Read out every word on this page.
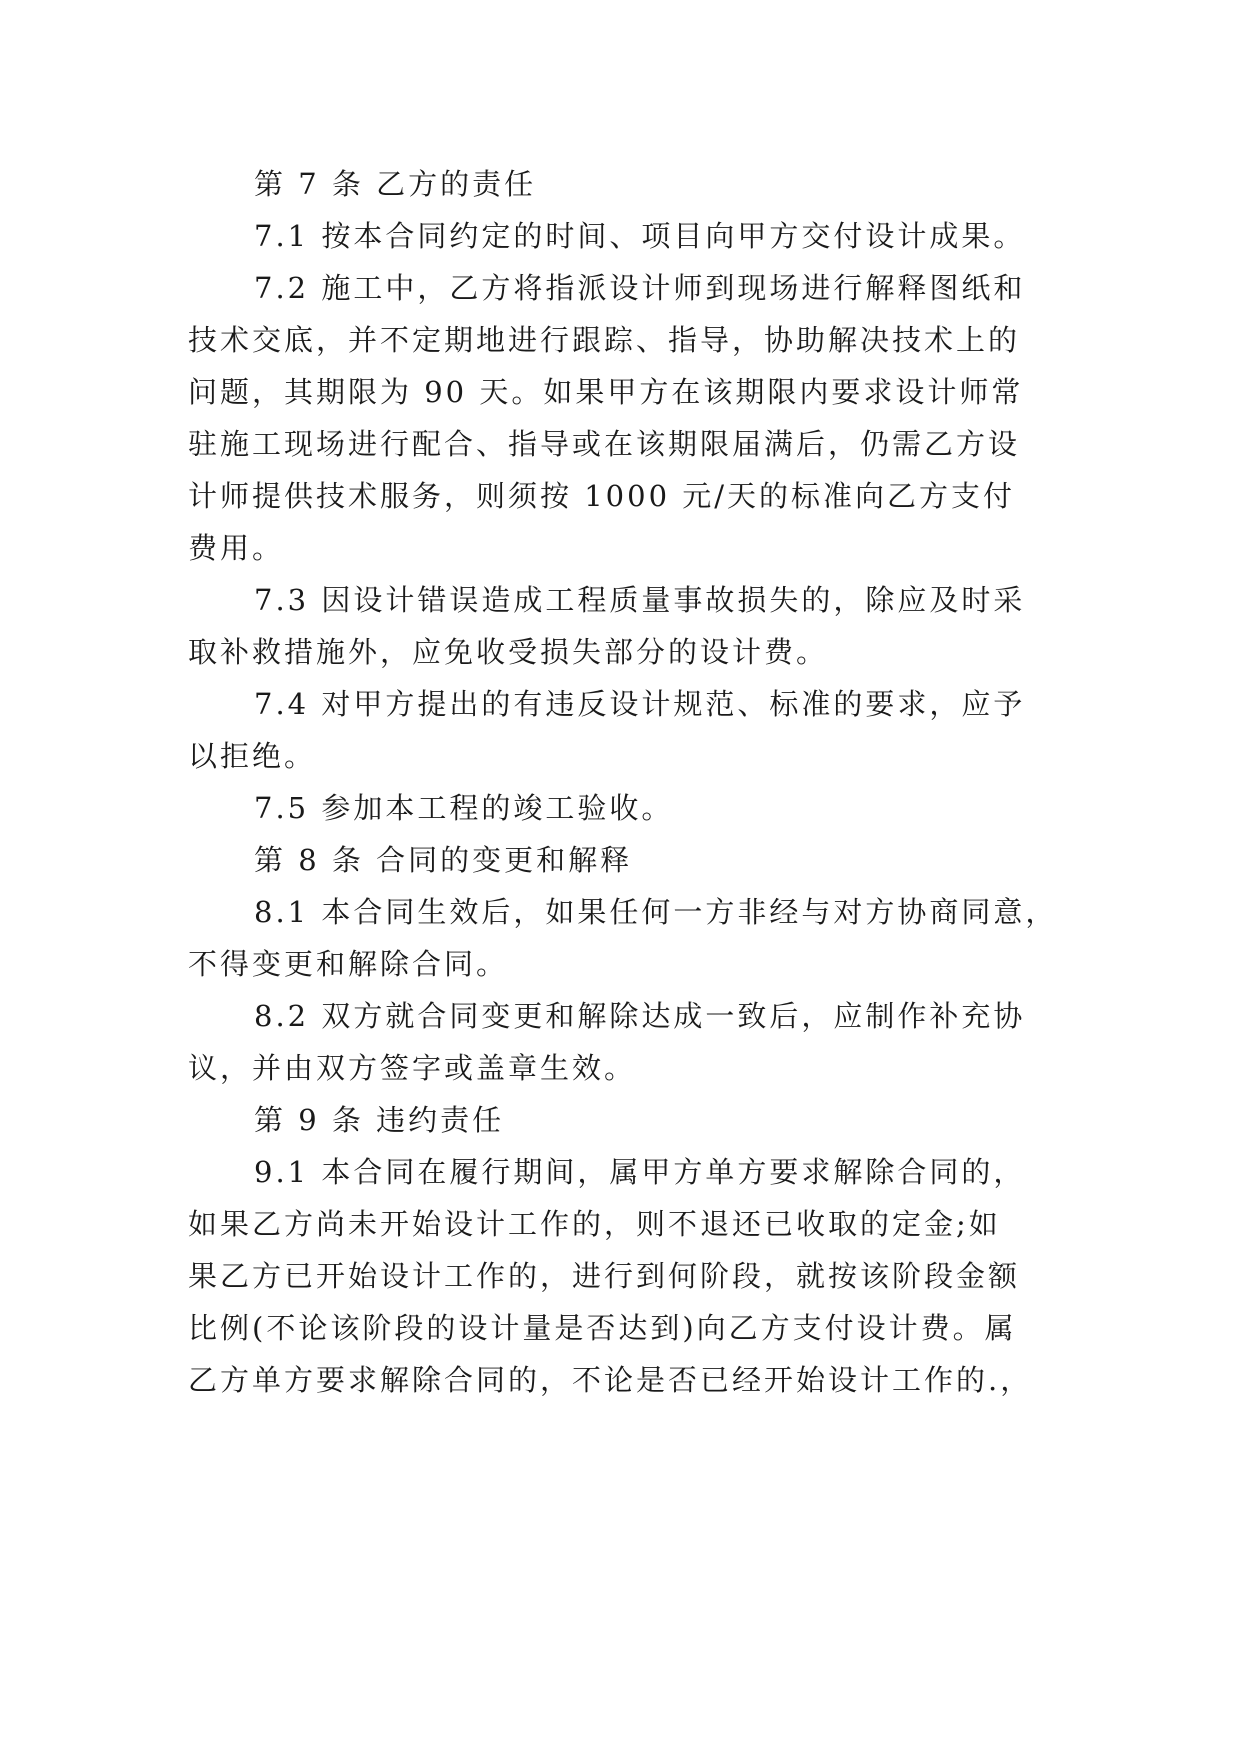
第 7 条 乙方的责任
7.1 按本合同约定的时间、项目向甲方交付设计成果。
7.2 施工中，乙方将指派设计师到现场进行解释图纸和
技术交底，并不定期地进行跟踪、指导，协助解决技术上的
问题，其期限为 90 天。如果甲方在该期限内要求设计师常
驻施工现场进行配合、指导或在该期限届满后，仍需乙方设
计师提供技术服务，则须按 1000 元/天的标准向乙方支付
费用。
7.3 因设计错误造成工程质量事故损失的，除应及时采
取补救措施外，应免收受损失部分的设计费。
7.4 对甲方提出的有违反设计规范、标准的要求，应予
以拒绝。
7.5 参加本工程的竣工验收。
第 8 条 合同的变更和解释
8.1 本合同生效后，如果任何一方非经与对方协商同意，
不得变更和解除合同。
8.2 双方就合同变更和解除达成一致后，应制作补充协
议，并由双方签字或盖章生效。
第 9 条 违约责任
9.1 本合同在履行期间，属甲方单方要求解除合同的，
如果乙方尚未开始设计工作的，则不退还已收取的定金;如
果乙方已开始设计工作的，进行到何阶段，就按该阶段金额
比例(不论该阶段的设计量是否达到)向乙方支付设计费。属
乙方单方要求解除合同的，不论是否已经开始设计工作的.，
